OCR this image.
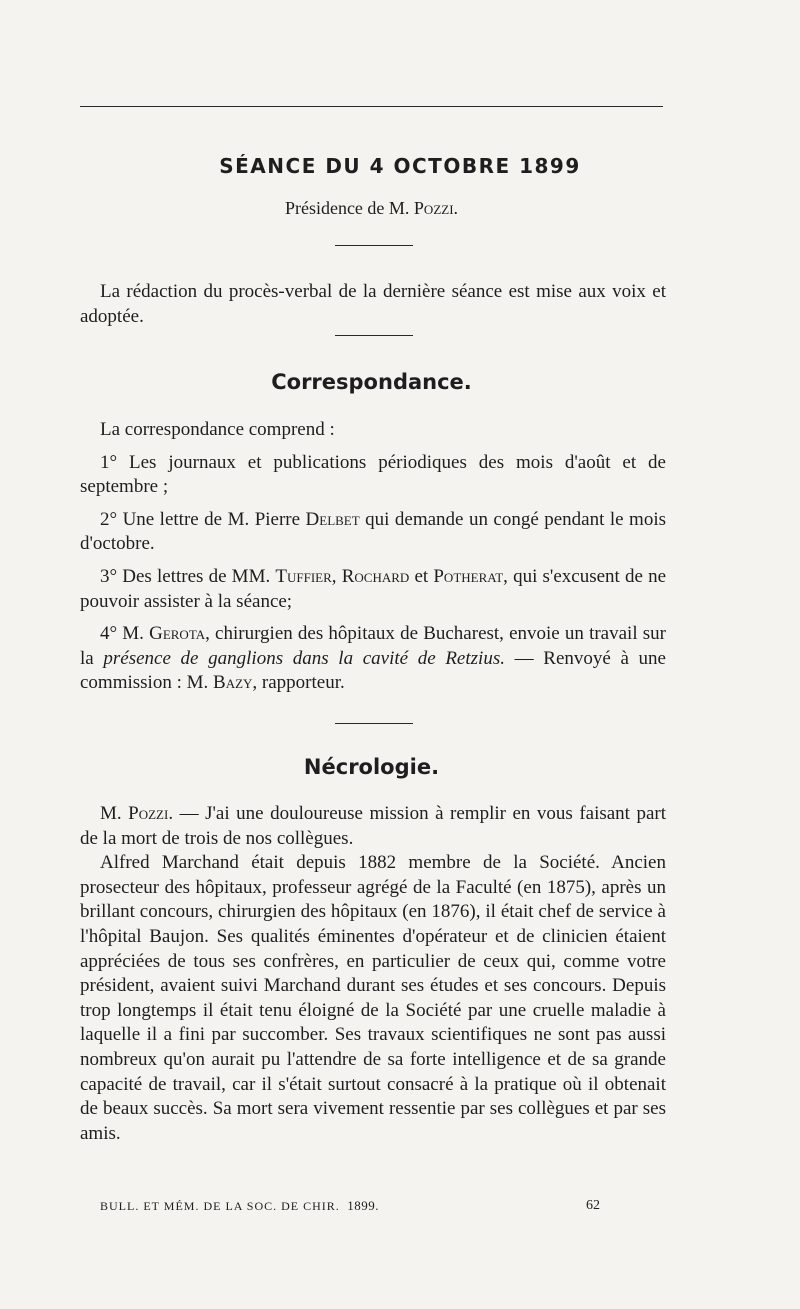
SÉANCE DU 4 OCTOBRE 1899

Présidence de M. Pozzi.

La rédaction du procès-verbal de la dernière séance est mise aux voix et adoptée.

Correspondance.

La correspondance comprend :

1° Les journaux et publications périodiques des mois d'août et de septembre ;

2° Une lettre de M. Pierre Delbet qui demande un congé pendant le mois d'octobre.

3° Des lettres de MM. Tuffier, Rochard et Potherat, qui s'excusent de ne pouvoir assister à la séance;

4° M. Gerota, chirurgien des hôpitaux de Bucharest, envoie un travail sur la présence de ganglions dans la cavité de Retzius. — Renvoyé à une commission : M. Bazy, rapporteur.

Nécrologie.

M. Pozzi. — J'ai une douloureuse mission à remplir en vous faisant part de la mort de trois de nos collègues.

Alfred Marchand était depuis 1882 membre de la Société. Ancien prosecteur des hôpitaux, professeur agrégé de la Faculté (en 1875), après un brillant concours, chirurgien des hôpitaux (en 1876), il était chef de service à l'hôpital Baujon. Ses qualités éminentes d'opérateur et de clinicien étaient appréciées de tous ses confrères, en particulier de ceux qui, comme votre président, avaient suivi Marchand durant ses études et ses concours. Depuis trop longtemps il était tenu éloigné de la Société par une cruelle maladie à laquelle il a fini par succomber. Ses travaux scientifiques ne sont pas aussi nombreux qu'on aurait pu l'attendre de sa forte intelligence et de sa grande capacité de travail, car il s'était surtout consacré à la pratique où il obtenait de beaux succès. Sa mort sera vivement ressentie par ses collègues et par ses amis.

BULL. ET MÉM. DE LA SOC. DE CHIR. 1899.	62
